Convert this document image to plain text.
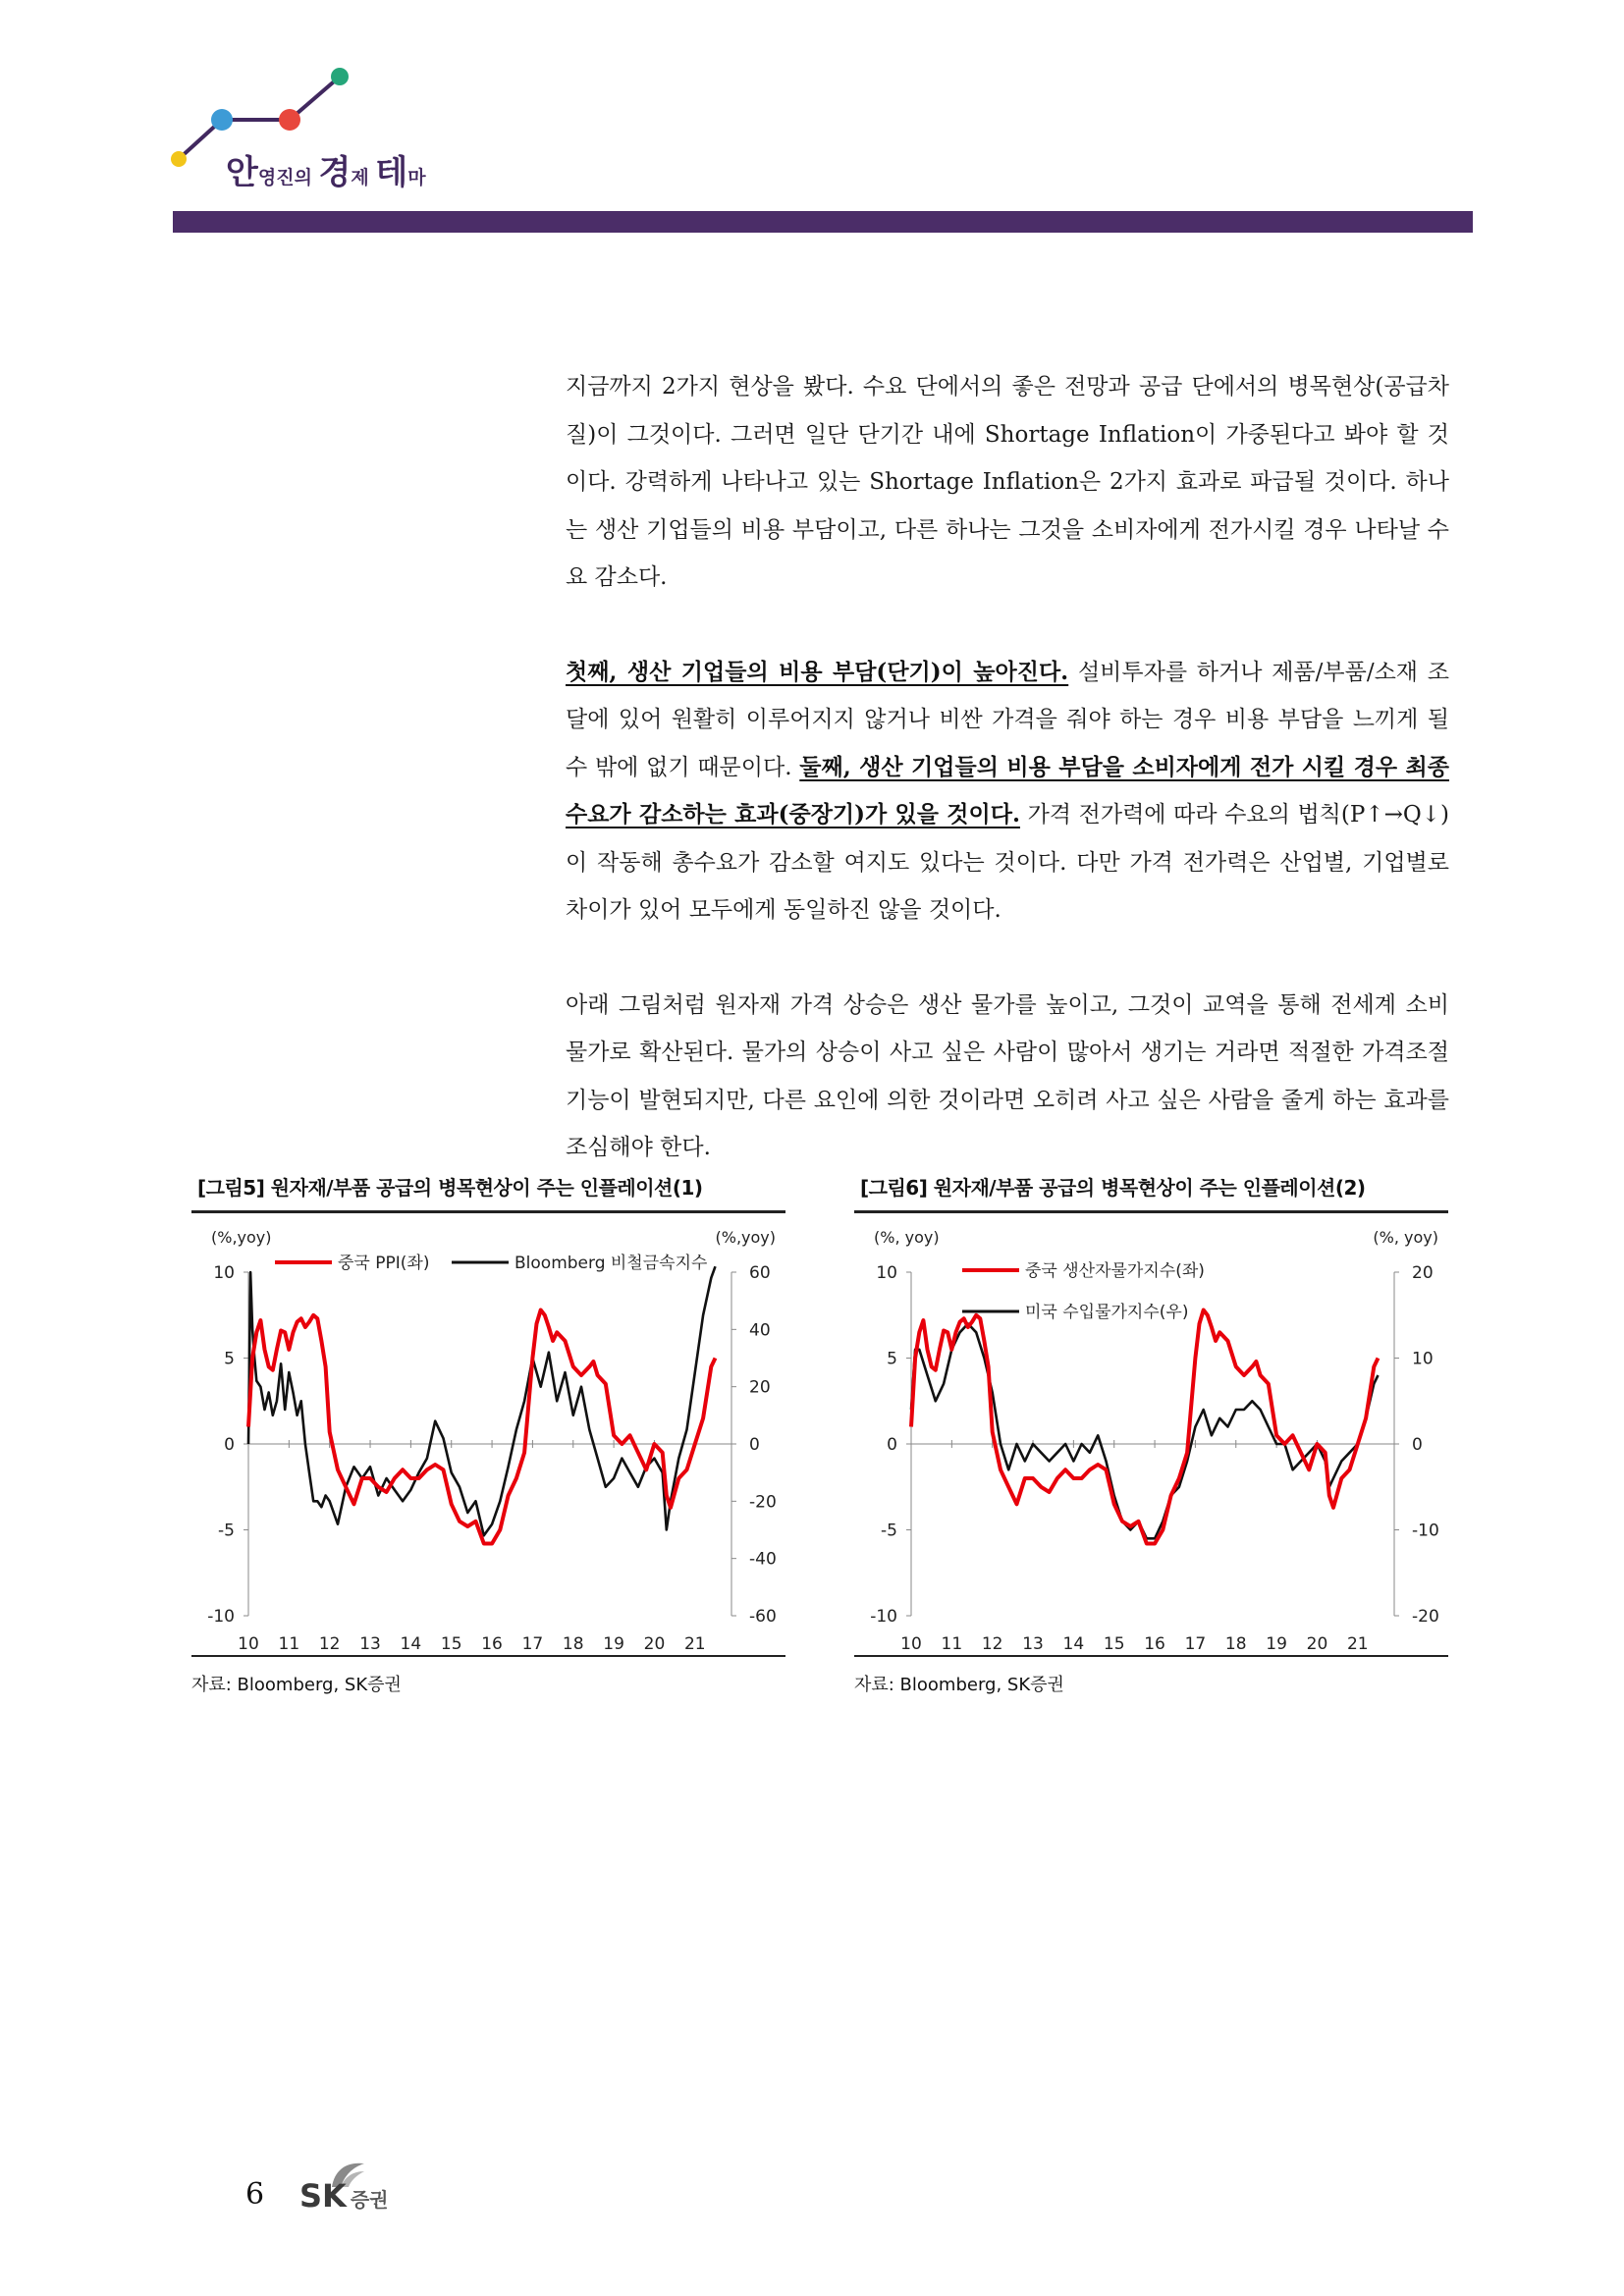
안영진의 경제 테마

지금까지 2가지 현상을 봤다. 수요 단에서의 좋은 전망과 공급 단에서의 병목현상(공급차질)이 그것이다. 그러면 일단 단기간 내에 Shortage Inflation이 가중된다고 봐야 할 것이다. 강력하게 나타나고 있는 Shortage Inflation은 2가지 효과로 파급될 것이다. 하나는 생산 기업들의 비용 부담이고, 다른 하나는 그것을 소비자에게 전가시킬 경우 나타날 수요 감소다.

첫째, 생산 기업들의 비용 부담(단기)이 높아진다. 설비투자를 하거나 제품/부품/소재 조달에 있어 원활히 이루어지지 않거나 비싼 가격을 줘야 하는 경우 비용 부담을 느끼게 될 수 밖에 없기 때문이다. 둘째, 생산 기업들의 비용 부담을 소비자에게 전가 시킬 경우 최종 수요가 감소하는 효과(중장기)가 있을 것이다. 가격 전가력에 따라 수요의 법칙(P↑→Q↓)이 작동해 총수요가 감소할 여지도 있다는 것이다. 다만 가격 전가력은 산업별, 기업별로 차이가 있어 모두에게 동일하진 않을 것이다.

아래 그림처럼 원자재 가격 상승은 생산 물가를 높이고, 그것이 교역을 통해 전세계 소비 물가로 확산된다. 물가의 상승이 사고 싶은 사람이 많아서 생기는 거라면 적절한 가격조절기능이 발현되지만, 다른 요인에 의한 것이라면 오히려 사고 싶은 사람을 줄게 하는 효과를 조심해야 한다.

[그림5] 원자재/부품 공급의 병목현상이 주는 인플레이션(1)
(%,yoy)	(%,yoy)
10
5
0
-5
-10
60
40
20
0
-20
-40
-60
10 11 12 13 14 15 16 17 18 19 20 21
중국 PPI(좌)	Bloomberg 비철금속지수
자료: Bloomberg, SK증권
[그림6] 원자재/부품 공급의 병목현상이 주는 인플레이션(2)
(%, yoy)	(%, yoy)
10
5
0
-5
-10
20
10
0
-10
-20
10 11 12 13 14 15 16 17 18 19 20 21
중국 생산자물가지수(좌)
미국 수입물가지수(우)
자료: Bloomberg, SK증권
6 SK 증권
